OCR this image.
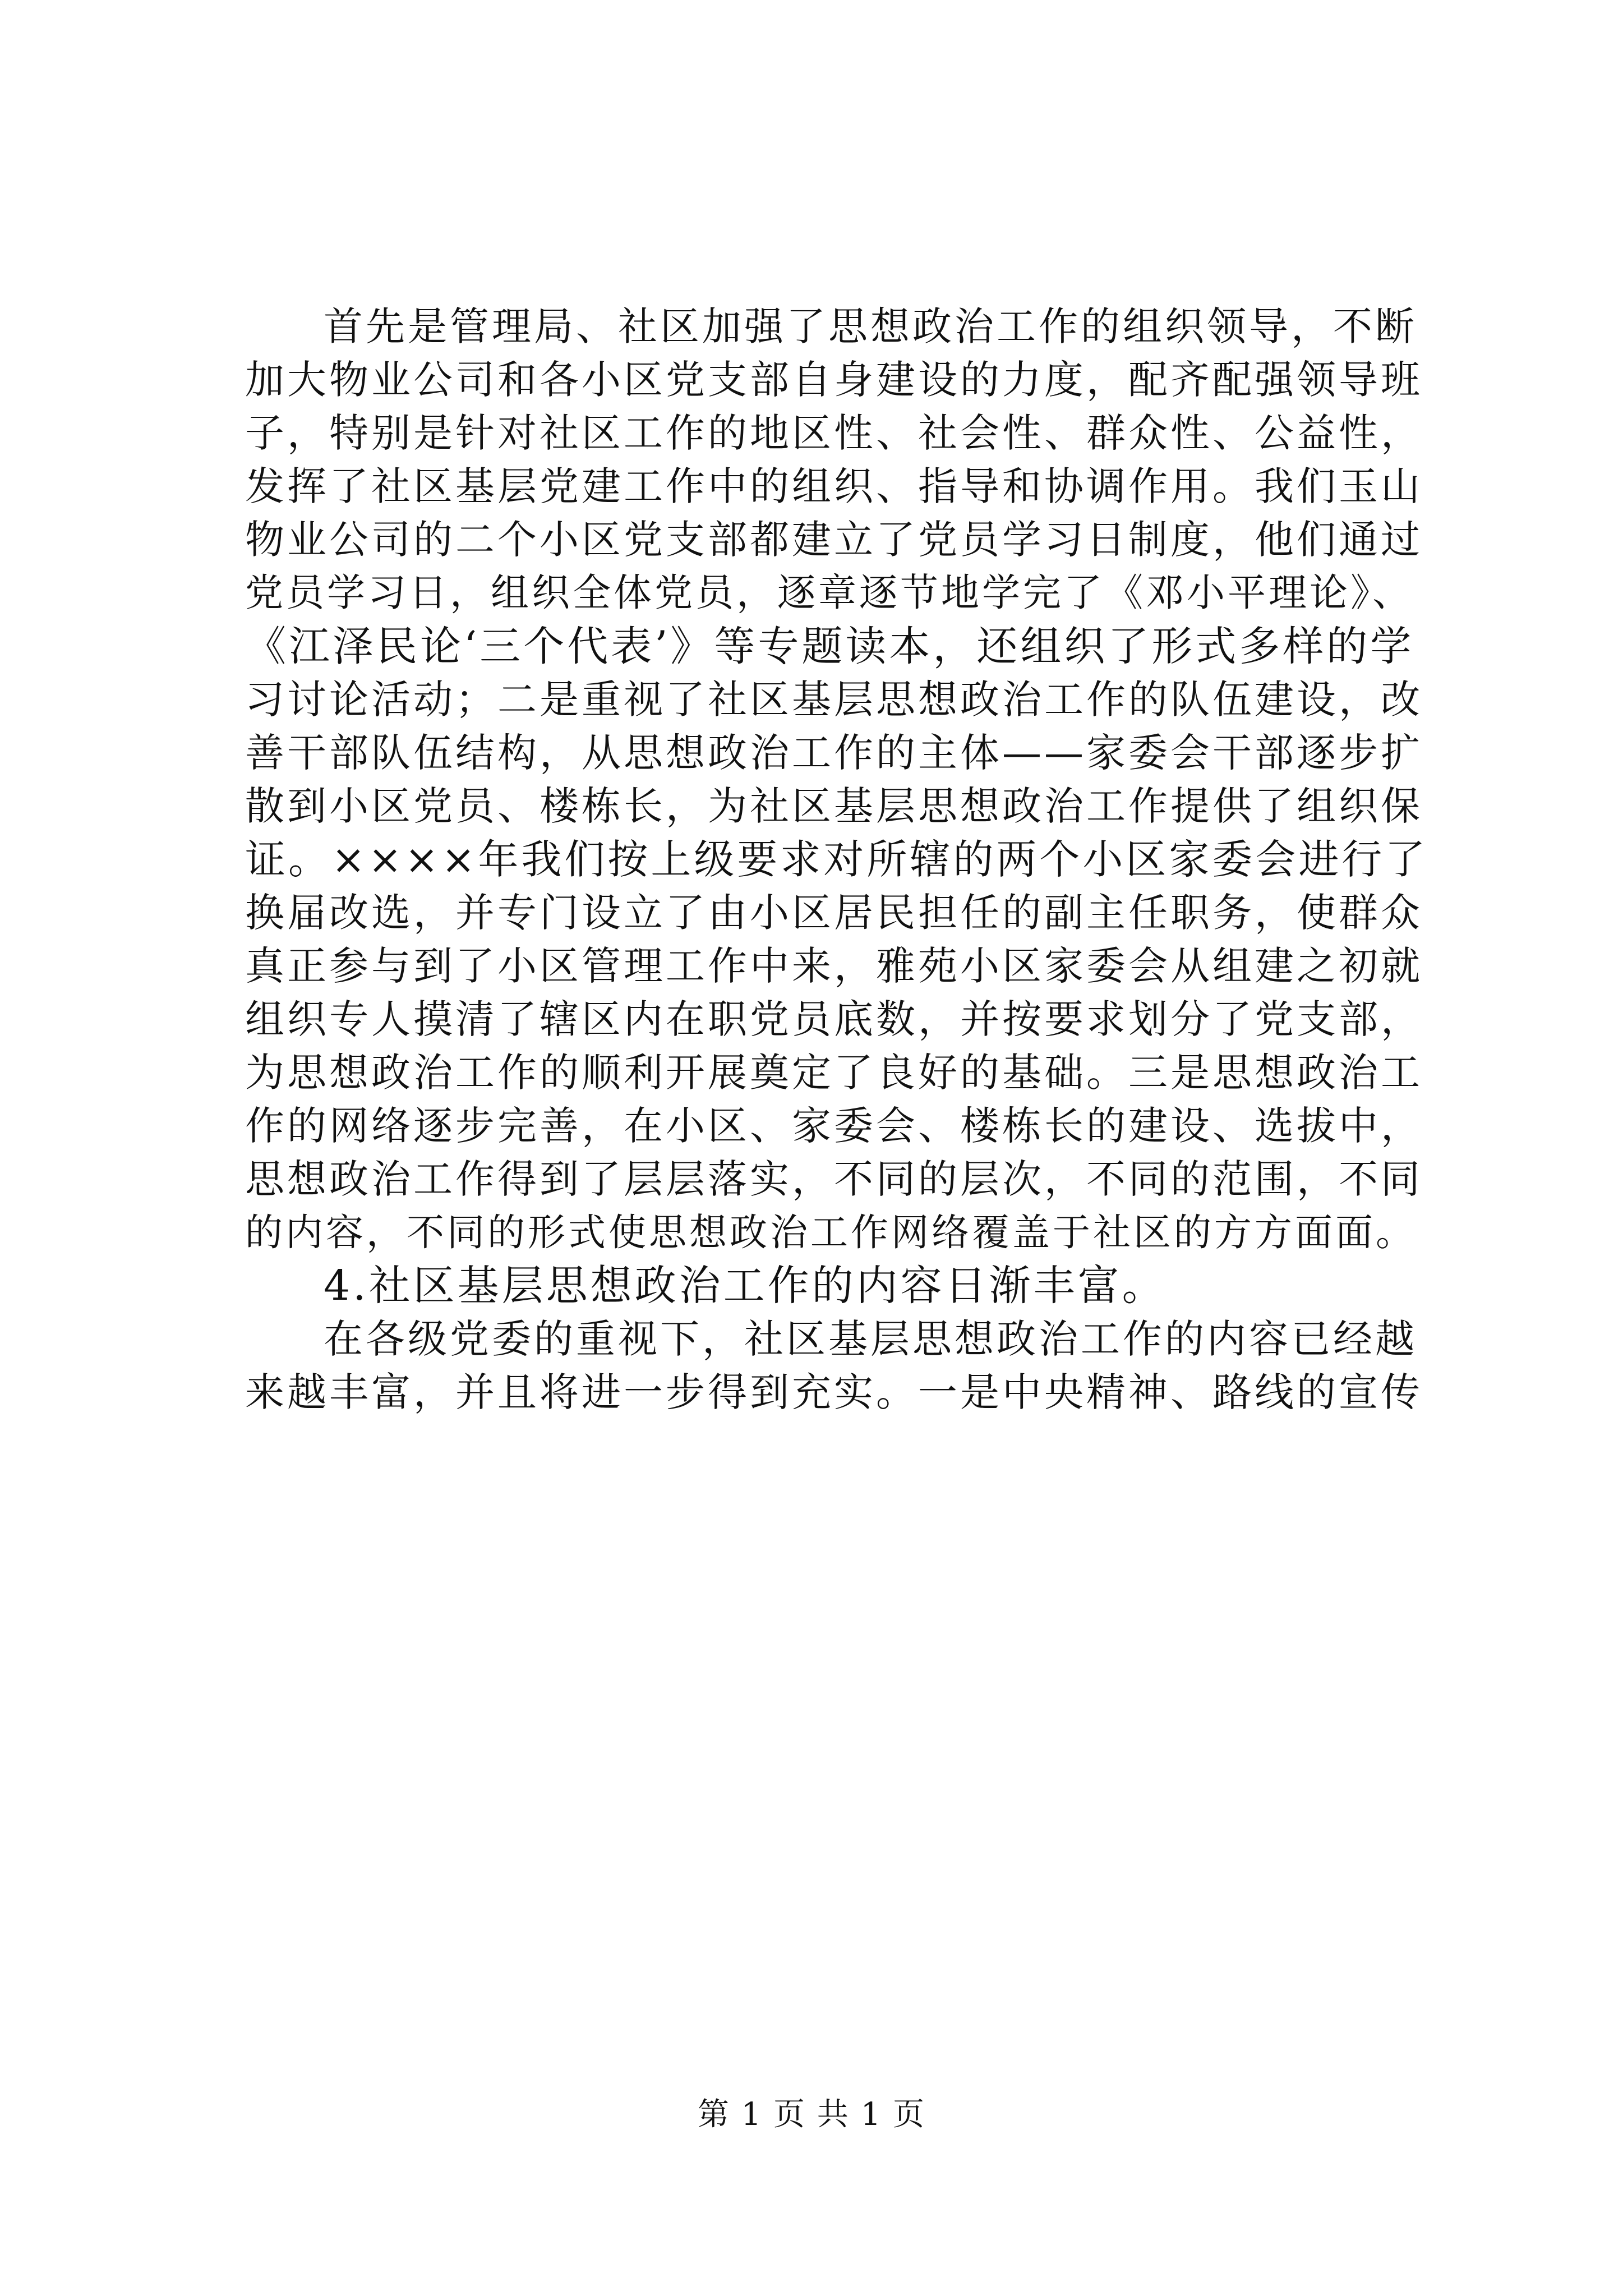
首先是管理局、社区加强了思想政治工作的组织领导，不断
加大物业公司和各小区党支部自身建设的力度，配齐配强领导班
子，特别是针对社区工作的地区性、社会性、群众性、公益性，
发挥了社区基层党建工作中的组织、指导和协调作用。我们玉山
物业公司的二个小区党支部都建立了党员学习日制度，他们通过
党员学习日，组织全体党员，逐章逐节地学完了《邓小平理论》、
《江泽民论‘三个代表’》等专题读本，还组织了形式多样的学
习讨论活动；二是重视了社区基层思想政治工作的队伍建设，改
善干部队伍结构，从思想政治工作的主体——家委会干部逐步扩
散到小区党员、楼栋长，为社区基层思想政治工作提供了组织保
证。××××年我们按上级要求对所辖的两个小区家委会进行了
换届改选，并专门设立了由小区居民担任的副主任职务，使群众
真正参与到了小区管理工作中来，雅苑小区家委会从组建之初就
组织专人摸清了辖区内在职党员底数，并按要求划分了党支部，
为思想政治工作的顺利开展奠定了良好的基础。三是思想政治工
作的网络逐步完善，在小区、家委会、楼栋长的建设、选拔中，
思想政治工作得到了层层落实，不同的层次，不同的范围，不同
的内容，不同的形式使思想政治工作网络覆盖于社区的方方面面。
4.社区基层思想政治工作的内容日渐丰富。
在各级党委的重视下，社区基层思想政治工作的内容已经越
来越丰富，并且将进一步得到充实。一是中央精神、路线的宣传
第 1 页 共 1 页
